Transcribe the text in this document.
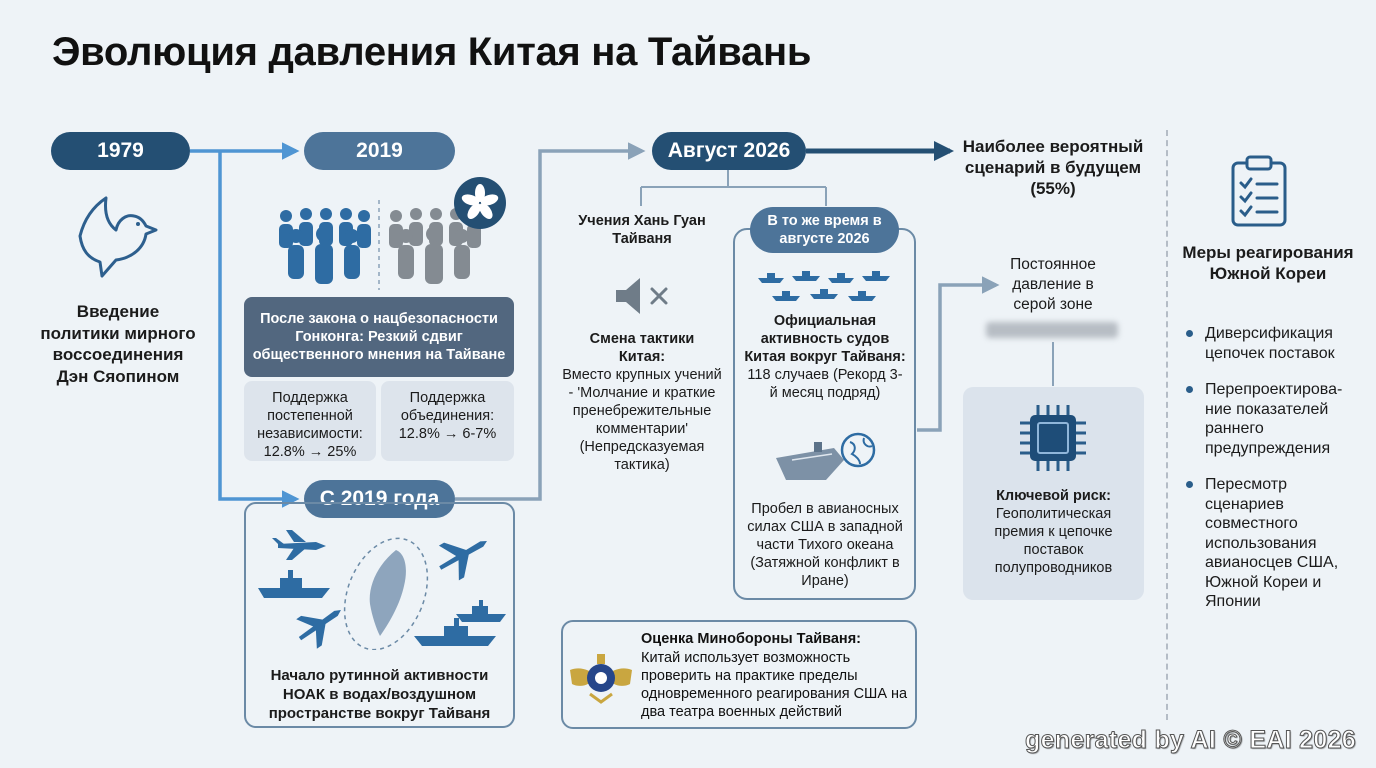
Эволюция давления Китая на Тайвань
1979	2019	Август 2026
С 2019 года
Введение политики мирного воссоединения Дэн Сяопином
После закона о нацбезопасности Гонконга: Резкий сдвиг общественного мнения на Тайване
Поддержка постепенной независимости: 12.8% → 25%
Поддержка объединения: 12.8% → 6-7%
Начало рутинной активности НОАК в водах/воздушном пространстве вокруг Тайваня
Учения Хань Гуан Тайваня
Смена тактики Китая:
Вместо крупных учений - 'Молчание и краткие пренебрежительные комментарии' (Непредсказуемая тактика)
В то же время в августе 2026
Официальная активность судов Китая вокруг Тайваня:
118 случаев (Рекорд 3-й месяц подряд)
Пробел в авианосных силах США в западной части Тихого океана (Затяжной конфликт в Иране)
Оценка Минобороны Тайваня:
Китай использует возможность проверить на практике пределы одновременного реагирования США на два театра военных действий
Наиболее вероятный сценарий в будущем (55%)
Постоянное давление в серой зоне
Ключевой риск:
Геополитическая премия к цепочке поставок полупроводников
Меры реагирования Южной Кореи
Диверсификация цепочек поставок
Перепроектирова-ние показателей раннего предупреждения
Пересмотр сценариев совместного использования авианосцев США, Южной Кореи и Японии
generated by AI © EAI 2026
